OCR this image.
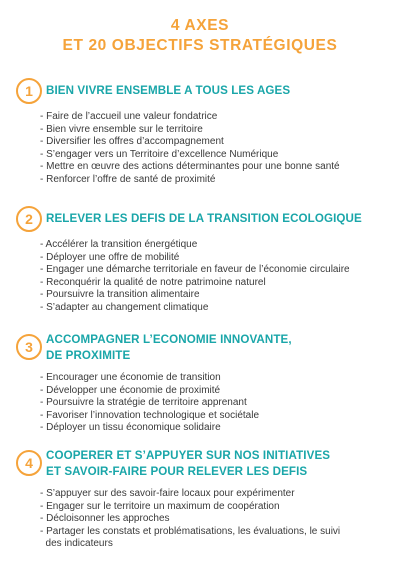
4 AXES
ET 20 OBJECTIFS STRATÉGIQUES
1	BIEN VIVRE ENSEMBLE A TOUS LES AGES
- Faire de l’accueil une valeur fondatrice
- Bien vivre ensemble sur le territoire
- Diversifier les offres d’accompagnement
- S’engager vers un Territoire d’excellence Numérique
- Mettre en œuvre des actions déterminantes pour une bonne santé
- Renforcer l’offre de santé de proximité
2	RELEVER LES DEFIS DE LA TRANSITION ECOLOGIQUE
- Accélérer la transition énergétique
- Déployer une offre de mobilité
- Engager une démarche territoriale en faveur de l’économie circulaire
- Reconquérir la qualité de notre patrimoine naturel
- Poursuivre la transition alimentaire
- S’adapter au changement climatique
3	ACCOMPAGNER L’ECONOMIE INNOVANTE,
DE PROXIMITE
- Encourager une économie de transition
- Développer une économie de proximité
- Poursuivre la stratégie de territoire apprenant
- Favoriser l’innovation technologique et sociétale
- Déployer un tissu économique solidaire
4	COOPERER ET S’APPUYER SUR NOS INITIATIVES
ET SAVOIR-FAIRE POUR RELEVER LES DEFIS
- S’appuyer sur des savoir-faire locaux pour expérimenter
- Engager sur le territoire un maximum de coopération
- Décloisonner les approches
- Partager les constats et problématisations, les évaluations, le suivi
des indicateurs
